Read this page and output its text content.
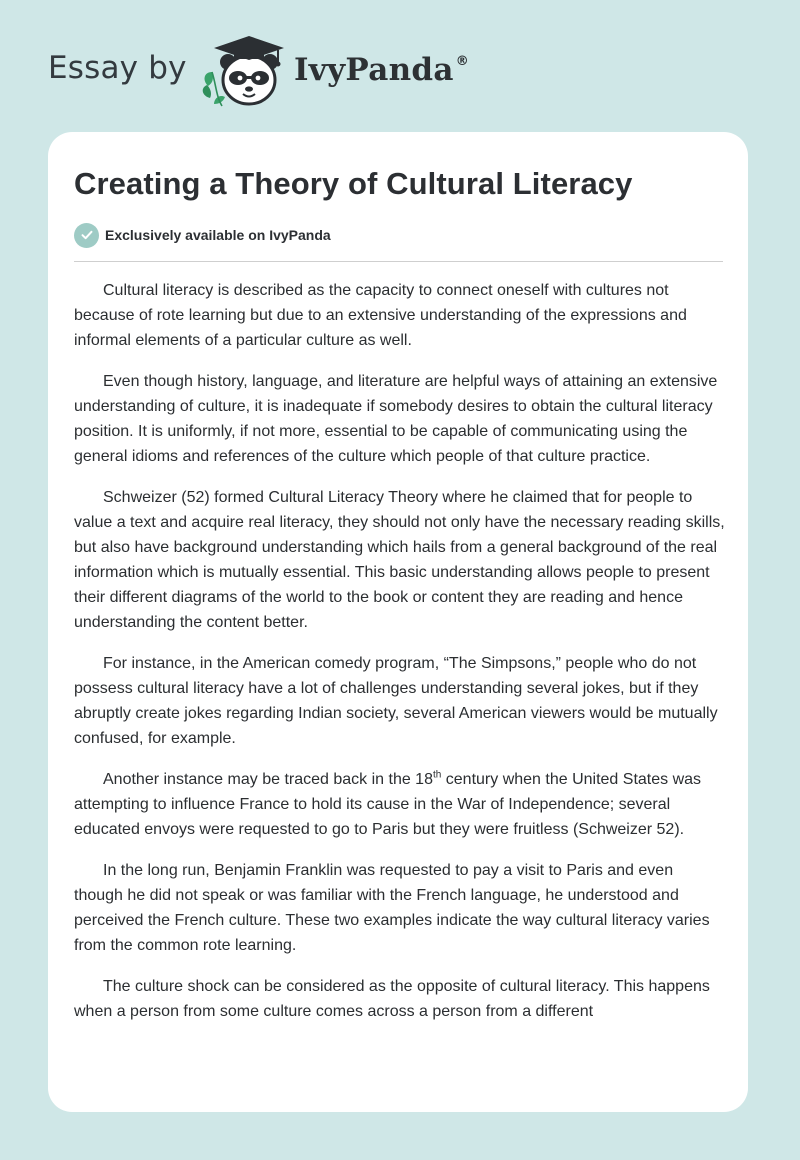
Essay by	IvyPanda ®
Creating a Theory of Cultural Literacy
Exclusively available on IvyPanda

Cultural literacy is described as the capacity to connect oneself with cultures not because of rote learning but due to an extensive understanding of the expressions and informal elements of a particular culture as well.

Even though history, language, and literature are helpful ways of attaining an extensive understanding of culture, it is inadequate if somebody desires to obtain the cultural literacy position. It is uniformly, if not more, essential to be capable of communicating using the general idioms and references of the culture which people of that culture practice.

Schweizer (52) formed Cultural Literacy Theory where he claimed that for people to value a text and acquire real literacy, they should not only have the necessary reading skills, but also have background understanding which hails from a general background of the real information which is mutually essential. This basic understanding allows people to present their different diagrams of the world to the book or content they are reading and hence understanding the content better.

For instance, in the American comedy program, “The Simpsons,” people who do not possess cultural literacy have a lot of challenges understanding several jokes, but if they abruptly create jokes regarding Indian society, several American viewers would be mutually confused, for example.

Another instance may be traced back in the 18th century when the United States was attempting to influence France to hold its cause in the War of Independence; several educated envoys were requested to go to Paris but they were fruitless (Schweizer 52).

In the long run, Benjamin Franklin was requested to pay a visit to Paris and even though he did not speak or was familiar with the French language, he understood and perceived the French culture. These two examples indicate the way cultural literacy varies from the common rote learning.

The culture shock can be considered as the opposite of cultural literacy. This happens when a person from some culture comes across a person from a different
